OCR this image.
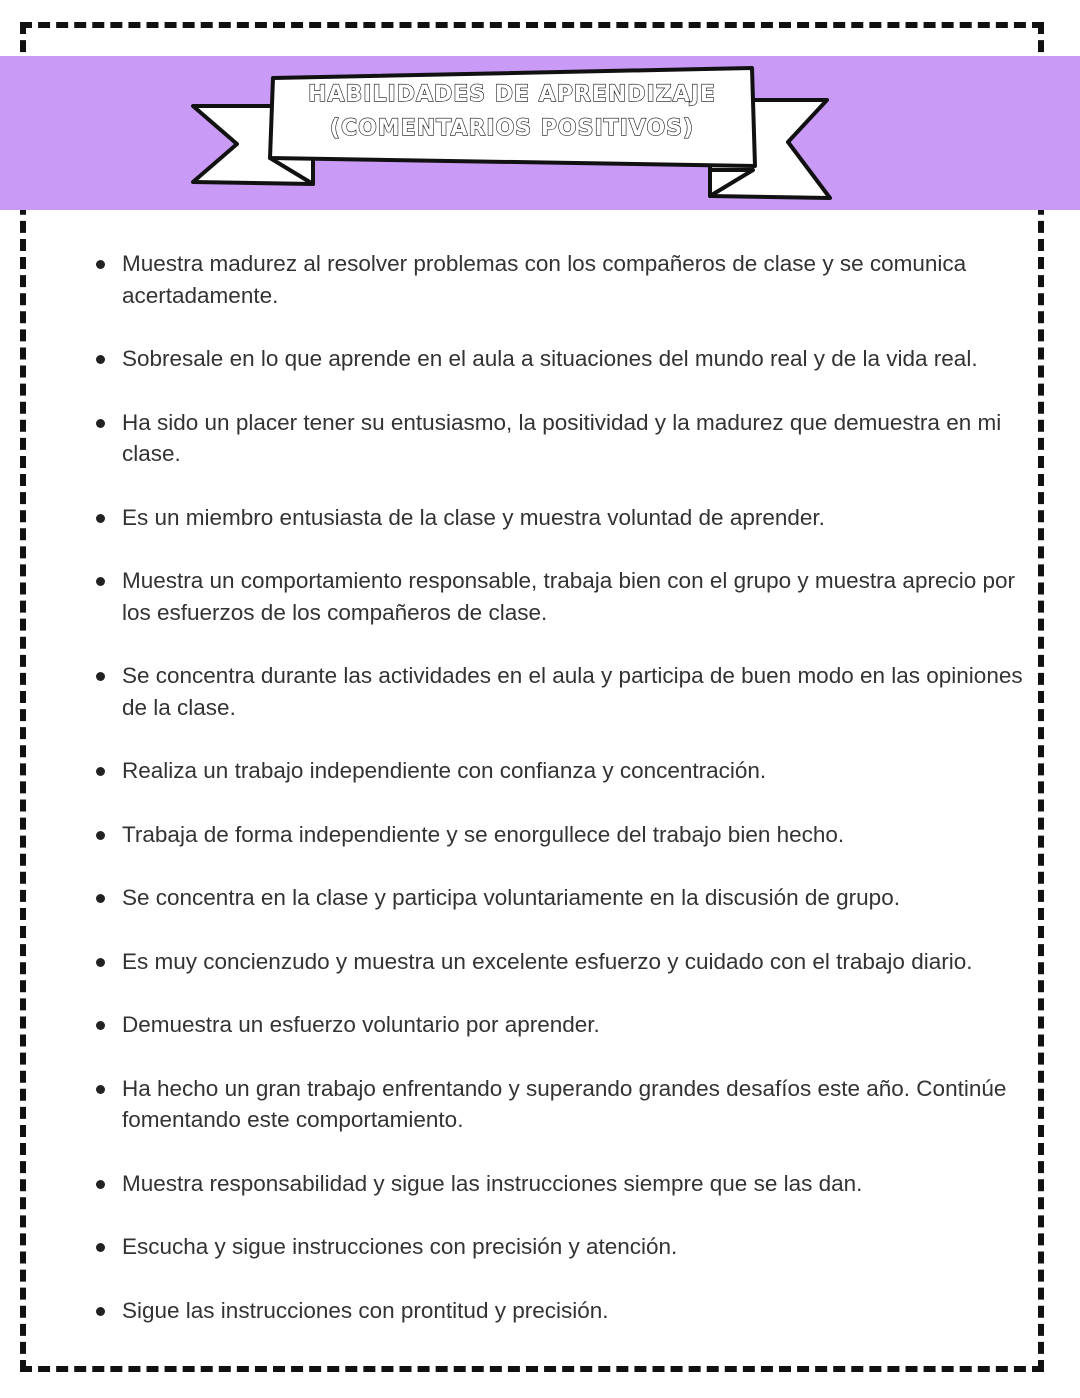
HABILIDADES DE APRENDIZAJE
(COMENTARIOS POSITIVOS)
Muestra madurez al resolver problemas con los compañeros de clase y se comunica acertadamente.
Sobresale en lo que aprende en el aula a situaciones del mundo real y de la vida real.
Ha sido un placer tener su entusiasmo, la positividad y la madurez que demuestra en mi clase.
Es un miembro entusiasta de la clase y muestra voluntad de aprender.
Muestra un comportamiento responsable, trabaja bien con el grupo y muestra aprecio por los esfuerzos de los compañeros de clase.
Se concentra durante las actividades en el aula y participa de buen modo en las opiniones de la clase.
Realiza un trabajo independiente con confianza y concentración.
Trabaja de forma independiente y se enorgullece del trabajo bien hecho.
Se concentra en la clase y participa voluntariamente en la discusión de grupo.
Es muy concienzudo y muestra un excelente esfuerzo y cuidado con el trabajo diario.
Demuestra un esfuerzo voluntario por aprender.
Ha hecho un gran trabajo enfrentando y superando grandes desafíos este año. Continúe fomentando este comportamiento.
Muestra responsabilidad y sigue las instrucciones siempre que se las dan.
Escucha y sigue instrucciones con precisión y atención.
Sigue las instrucciones con prontitud y precisión.
